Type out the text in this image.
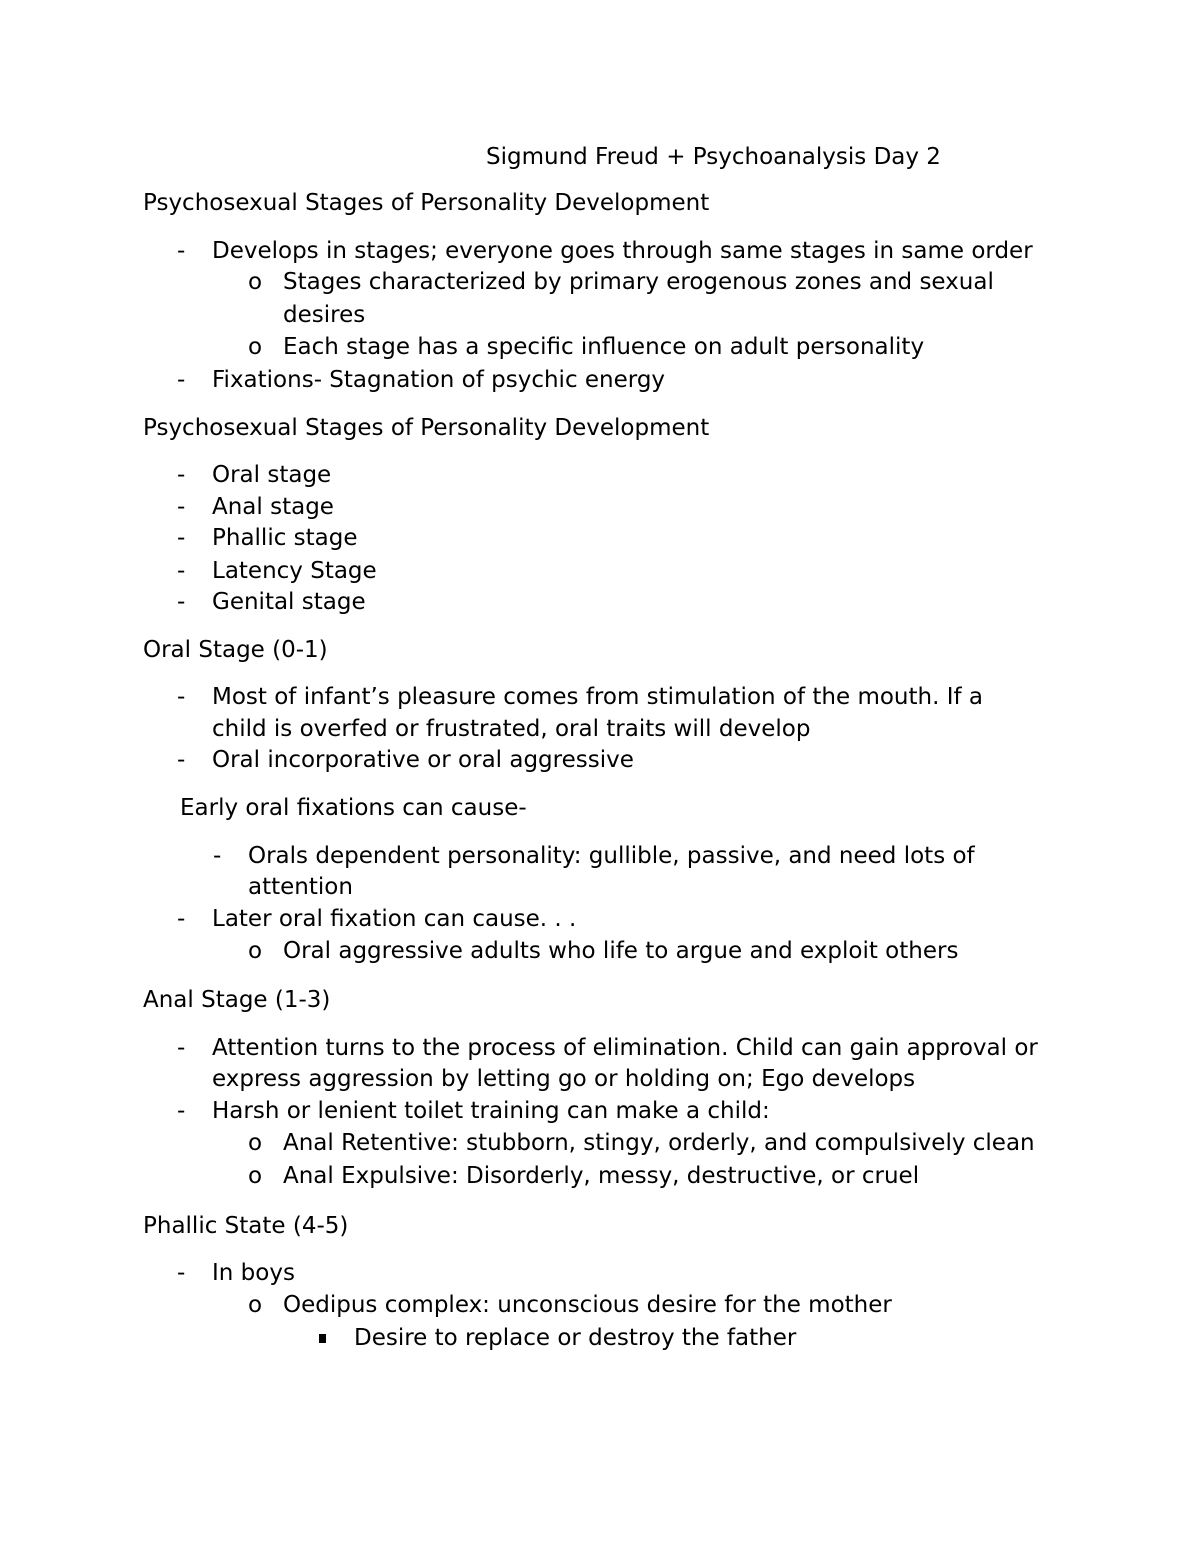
Sigmund Freud + Psychoanalysis Day 2

Psychosexual Stages of Personality Development

- Develops in stages; everyone goes through same stages in same order

o Stages characterized by primary erogenous zones and sexual

desires

o Each stage has a specific influence on adult personality

- Fixations- Stagnation of psychic energy

Psychosexual Stages of Personality Development

- Oral stage

- Anal stage

- Phallic stage

- Latency Stage

- Genital stage

Oral Stage (0-1)

- Most of infant’s pleasure comes from stimulation of the mouth. If a

child is overfed or frustrated, oral traits will develop

- Oral incorporative or oral aggressive

Early oral fixations can cause-

- Orals dependent personality: gullible, passive, and need lots of

attention

- Later oral fixation can cause. . .

o Oral aggressive adults who life to argue and exploit others

Anal Stage (1-3)

- Attention turns to the process of elimination. Child can gain approval or

express aggression by letting go or holding on; Ego develops

- Harsh or lenient toilet training can make a child:

o Anal Retentive: stubborn, stingy, orderly, and compulsively clean

o Anal Expulsive: Disorderly, messy, destructive, or cruel

Phallic State (4-5)

- In boys

o Oedipus complex: unconscious desire for the mother

Desire to replace or destroy the father
